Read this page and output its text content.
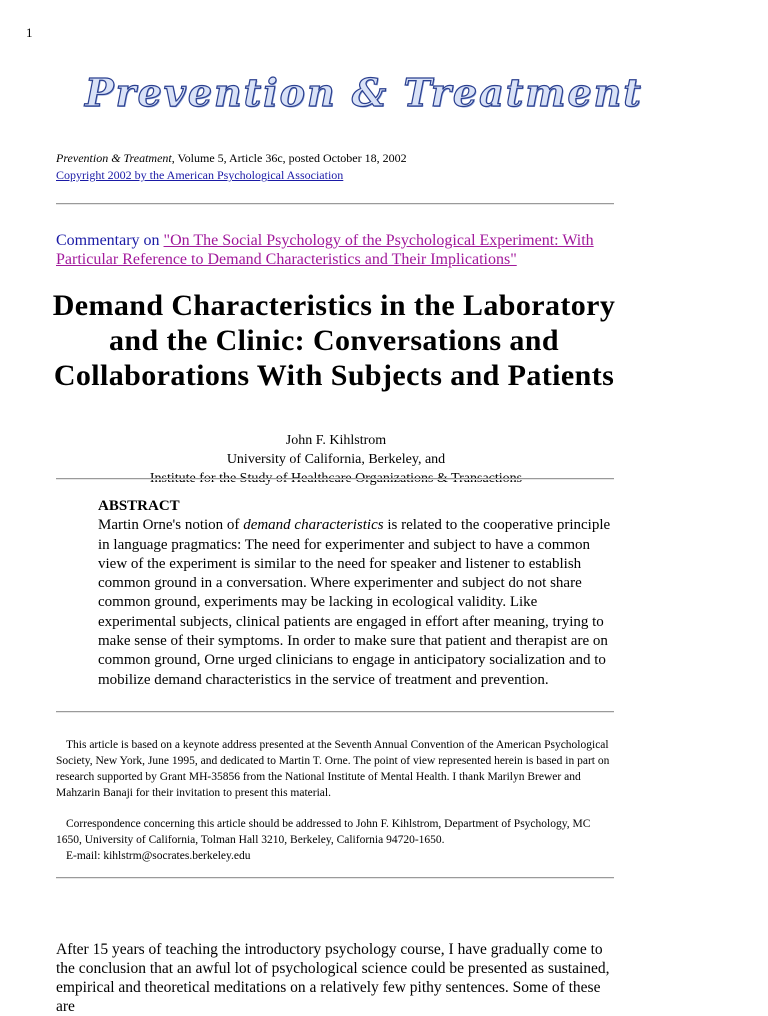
1
Prevention & Treatment
Prevention & Treatment, Volume 5, Article 36c, posted October 18, 2002
Copyright 2002 by the American Psychological Association
Commentary on "On The Social Psychology of the Psychological Experiment: With Particular Reference to Demand Characteristics and Their Implications"
Demand Characteristics in the Laboratory and the Clinic: Conversations and Collaborations With Subjects and Patients
John F. Kihlstrom
University of California, Berkeley, and
Institute for the Study of Healthcare Organizations & Transactions
ABSTRACT
Martin Orne's notion of demand characteristics is related to the cooperative principle in language pragmatics: The need for experimenter and subject to have a common view of the experiment is similar to the need for speaker and listener to establish common ground in a conversation. Where experimenter and subject do not share common ground, experiments may be lacking in ecological validity. Like experimental subjects, clinical patients are engaged in effort after meaning, trying to make sense of their symptoms. In order to make sure that patient and therapist are on common ground, Orne urged clinicians to engage in anticipatory socialization and to mobilize demand characteristics in the service of treatment and prevention.

This article is based on a keynote address presented at the Seventh Annual Convention of the American Psychological Society, New York, June 1995, and dedicated to Martin T. Orne. The point of view represented herein is based in part on research supported by Grant MH-35856 from the National Institute of Mental Health. I thank Marilyn Brewer and Mahzarin Banaji for their invitation to present this material.

Correspondence concerning this article should be addressed to John F. Kihlstrom, Department of Psychology, MC 1650, University of California, Tolman Hall 3210, Berkeley, California 94720-1650.

E-mail: kihlstrm@socrates.berkeley.edu
After 15 years of teaching the introductory psychology course, I have gradually come to the conclusion that an awful lot of psychological science could be presented as sustained, empirical and theoretical meditations on a relatively few pithy sentences. Some of these are
